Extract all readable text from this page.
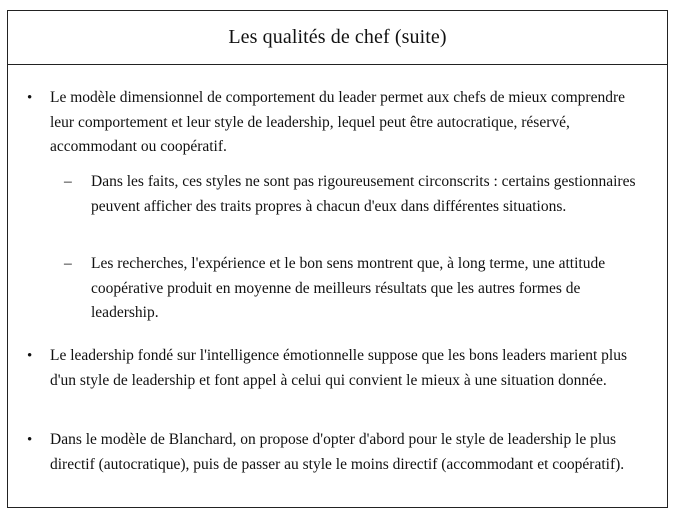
Les qualités de chef (suite)
• Le modèle dimensionnel de comportement du leader permet aux chefs de mieux comprendre leur comportement et leur style de leadership, lequel peut être autocratique, réservé, accommodant ou coopératif.
– Dans les faits, ces styles ne sont pas rigoureusement circonscrits : certains gestionnaires peuvent afficher des traits propres à chacun d'eux dans différentes situations.
– Les recherches, l'expérience et le bon sens montrent que, à long terme, une attitude coopérative produit en moyenne de meilleurs résultats que les autres formes de leadership.
• Le leadership fondé sur l'intelligence émotionnelle suppose que les bons leaders marient plus d'un style de leadership et font appel à celui qui convient le mieux à une situation donnée.
• Dans le modèle de Blanchard, on propose d'opter d'abord pour le style de leadership le plus directif (autocratique), puis de passer au style le moins directif (accommodant et coopératif).
